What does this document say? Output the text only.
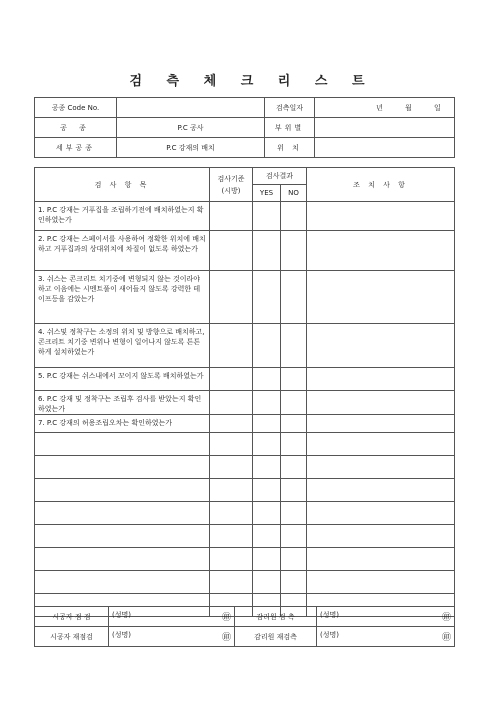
검 측 체 크 리 스 트
공종 Code No.		검측일자	년 월 일
공 종	P.C 공사	부위별	
세부공종	P.C 강재의 배치	위 치	
검 사 항 목	검사기준
(시방)	검사결과		조 치 사 항
		YES	NO	
1. P.C 강재는 거푸집을 조립하기전에 배치하였는지 확인하였는가				
2. P.C 강재는 스페이서를 사용하여 정확한 위치에 배치하고 거푸집과의 상대위치에 차질이 없도록 하였는가				
3. 쉬스는 콘크리트 치기중에 변형되지 않는 것이라야하고 이음에는 시멘트풀이 새어들지 않도록 강력한 테이프등을 감았는가				
4. 쉬스및 정착구는 소정의 위치 및 방향으로 배치하고, 콘크리트 치기중 변위나 변형이 일어나지 않도록 튼튼하게 설치하였는가				
5. P.C 강재는 쉬스내에서 꼬이지 않도록 배치하였는가				
6. P.C 강재 및 정착구는 조립후 검사를 받았는지 확인하였는가				
7. P.C 강재의 허용조립오차는 확인하였는가				

시공자 점 검	(성명) ㊞	감리원 검 측	(성명) ㊞

시공자 재점검	(성명) ㊞	감리원 재검측	(성명) ㊞
